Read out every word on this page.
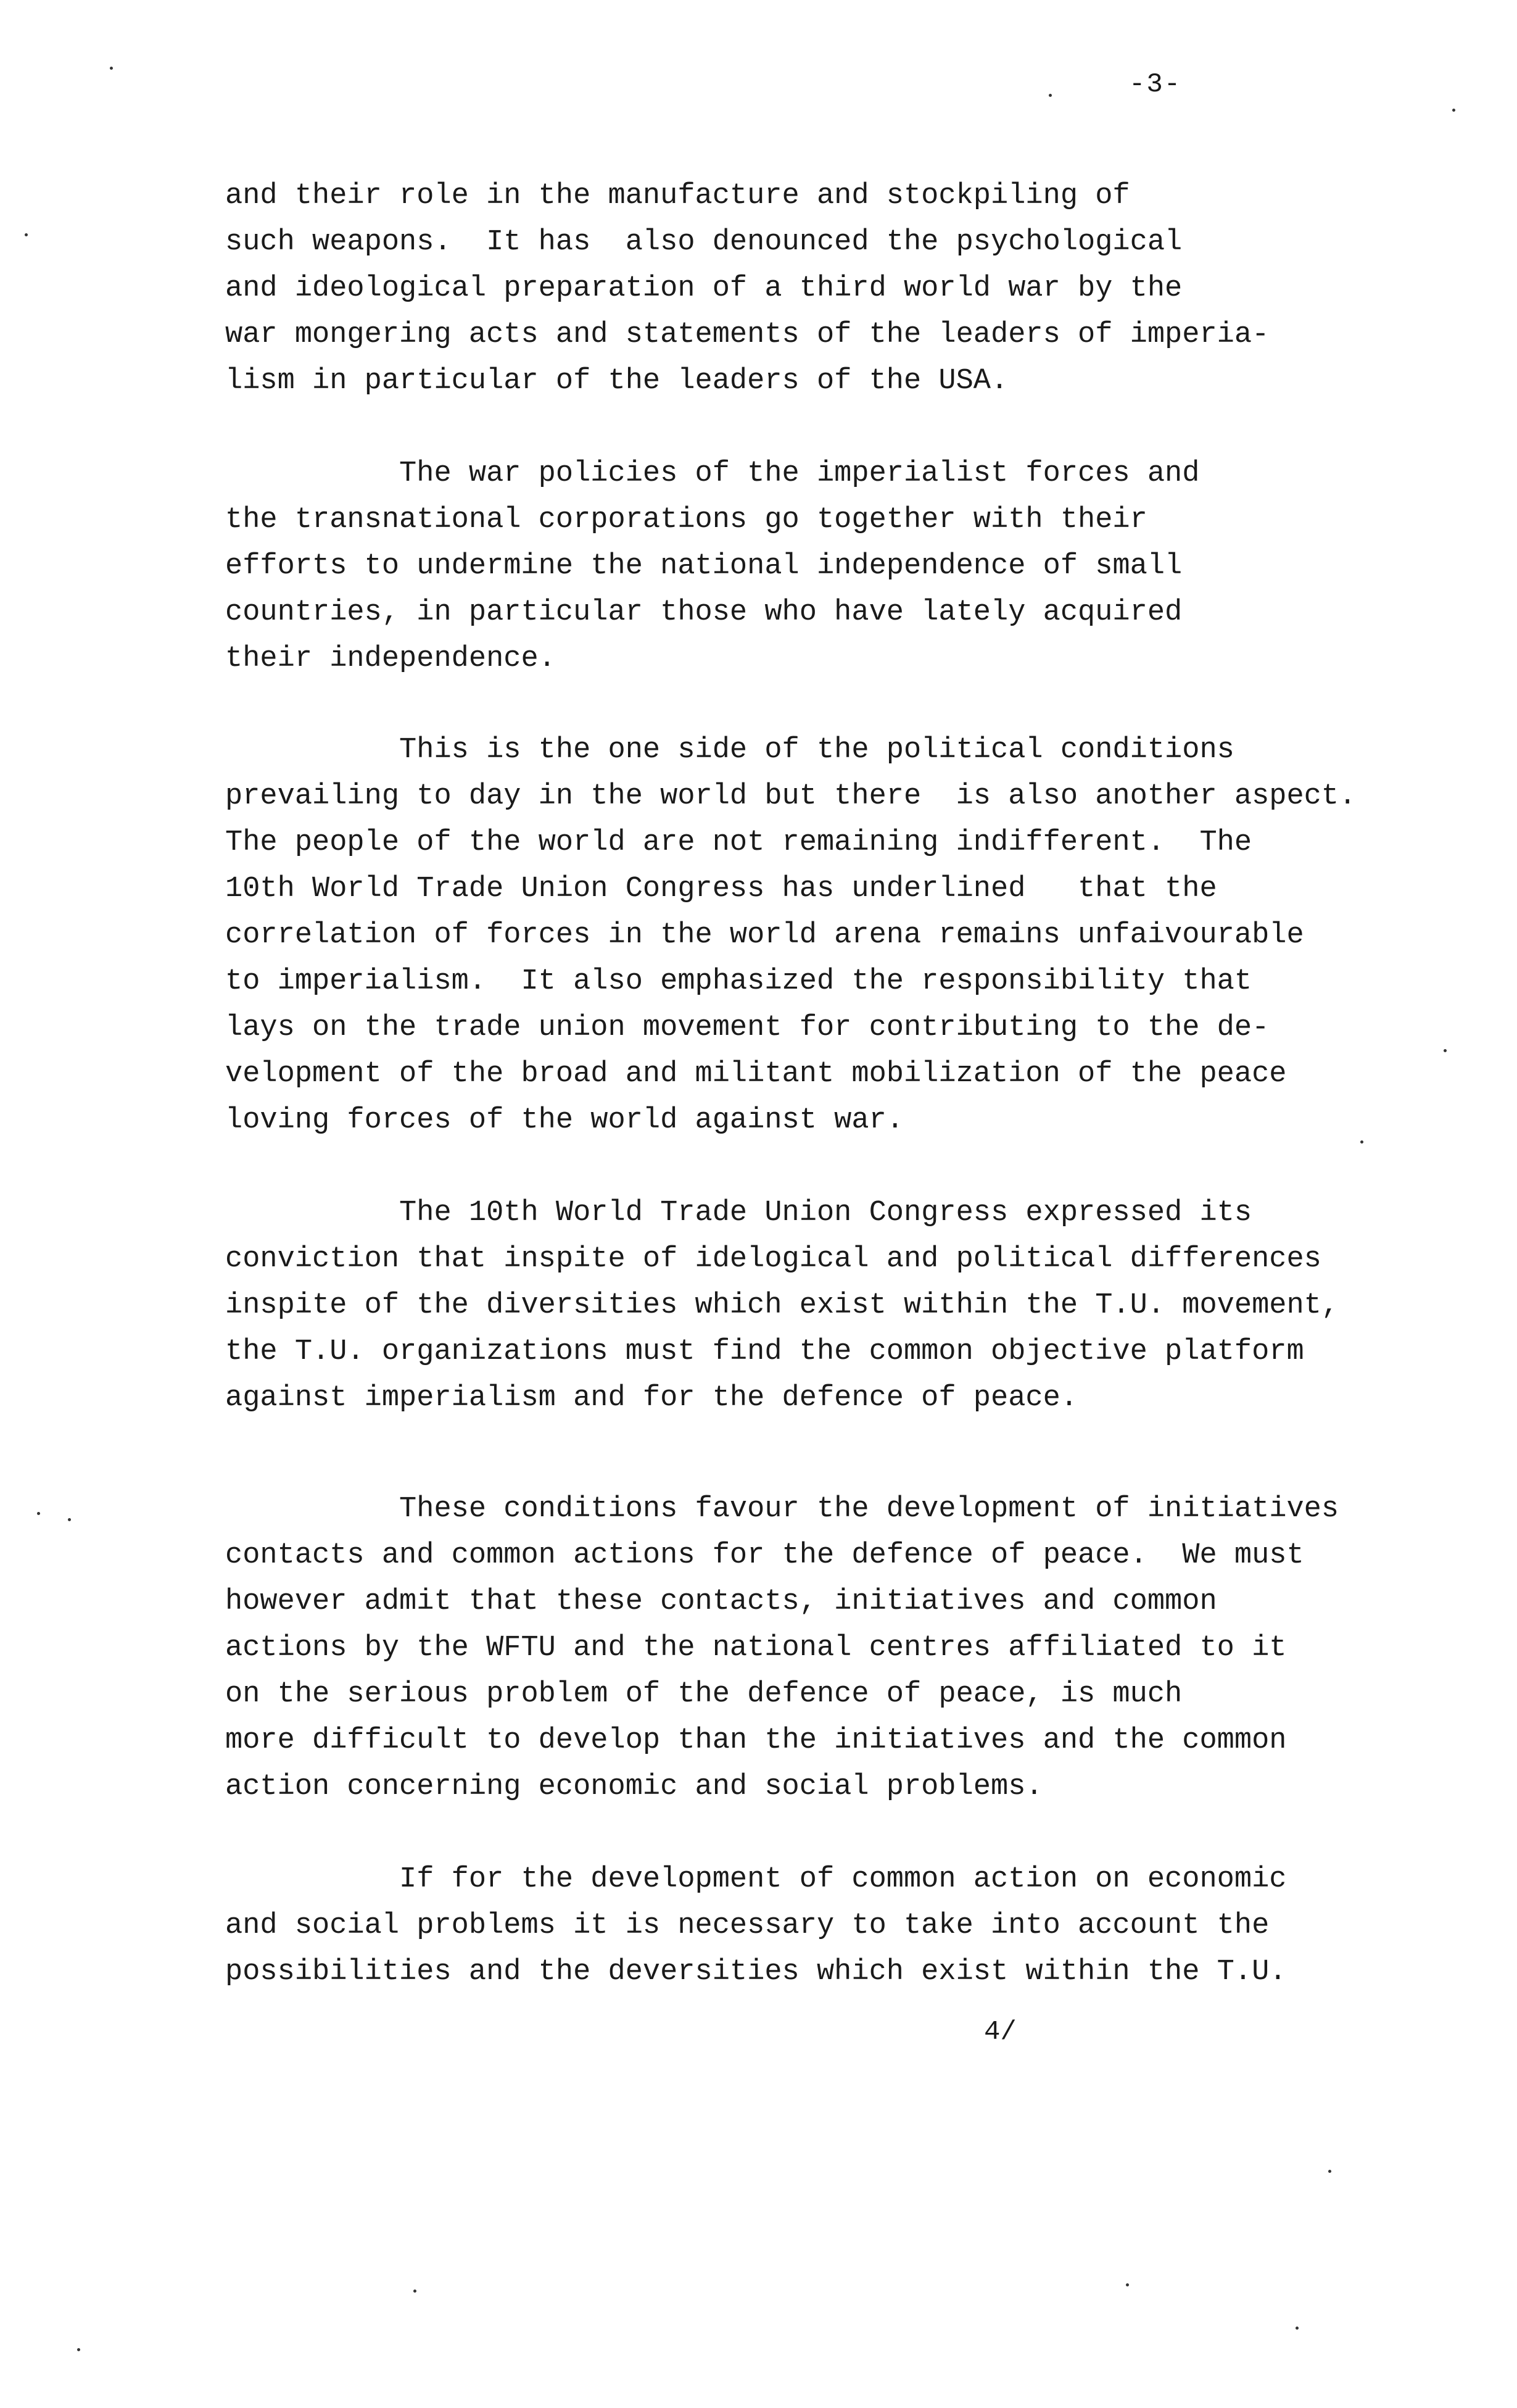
-3-
and their role in the manufacture and stockpiling of
such weapons.  It has  also denounced the psychological
and ideological preparation of a third world war by the
war mongering acts and statements of the leaders of imperia-
lism in particular of the leaders of the USA.
The war policies of the imperialist forces and
the transnational corporations go together with their
efforts to undermine the national independence of small
countries, in particular those who have lately acquired
their independence.
This is the one side of the political conditions
prevailing to day in the world but there  is also another aspect.
The people of the world are not remaining indifferent.  The
10th World Trade Union Congress has underlined   that the
correlation of forces in the world arena remains unfaivourable
to imperialism.  It also emphasized the responsibility that
lays on the trade union movement for contributing to the de-
velopment of the broad and militant mobilization of the peace
loving forces of the world against war.
The 10th World Trade Union Congress expressed its
conviction that inspite of idelogical and political differences
inspite of the diversities which exist within the T.U. movement,
the T.U. organizations must find the common objective platform
against imperialism and for the defence of peace.
These conditions favour the development of initiatives
contacts and common actions for the defence of peace.  We must
however admit that these contacts, initiatives and common
actions by the WFTU and the national centres affiliated to it
on the serious problem of the defence of peace, is much
more difficult to develop than the initiatives and the common
action concerning economic and social problems.
If for the development of common action on economic
and social problems it is necessary to take into account the
possibilities and the deversities which exist within the T.U.
4/
